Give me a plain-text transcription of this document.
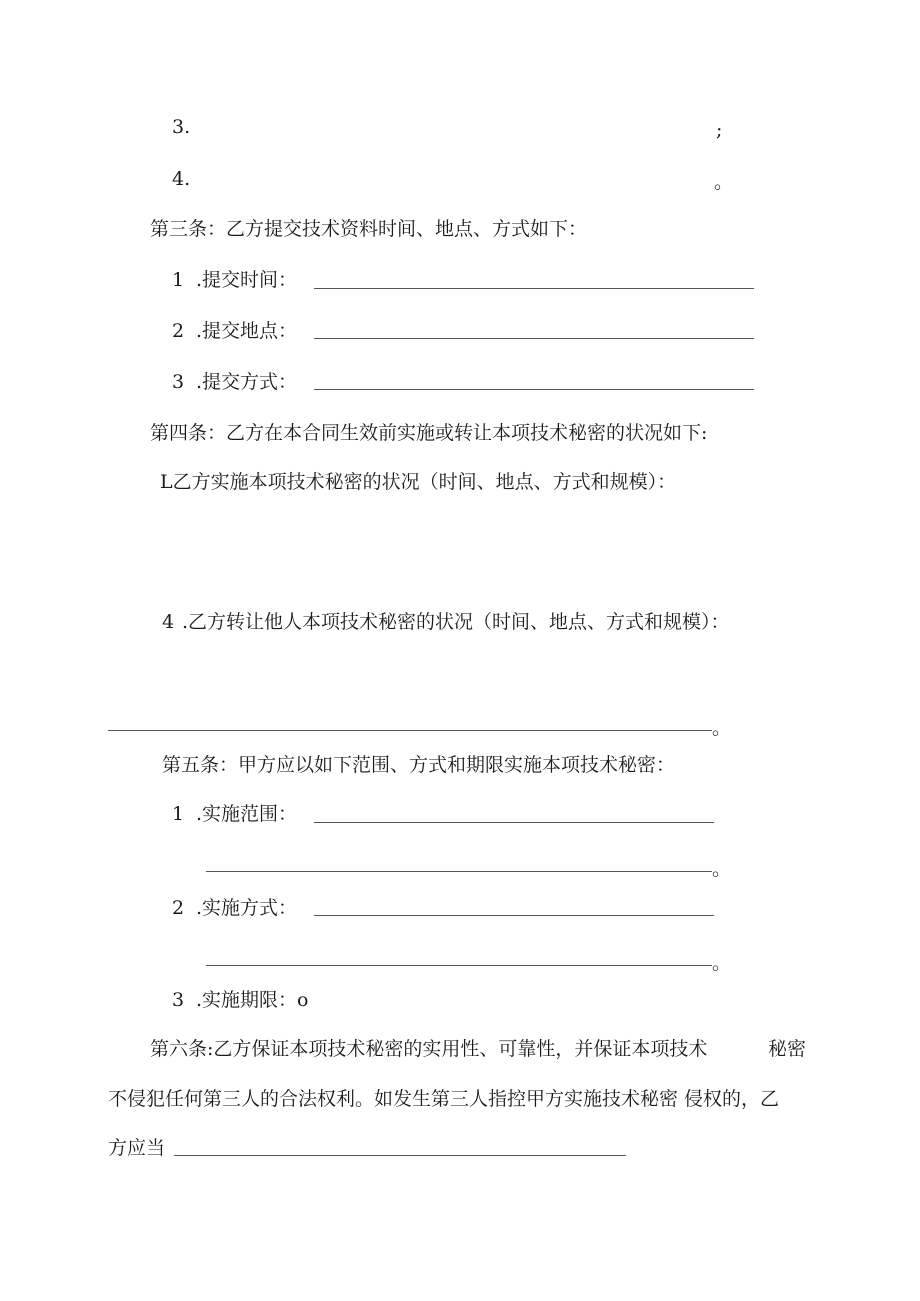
3.	;
4.	。
第三条：乙方提交技术资料时间、地点、方式如下：
1 .提交时间：
2 .提交地点：
3 .提交方式：
第四条：乙方在本合同生效前实施或转让本项技术秘密的状况如下:
L乙方实施本项技术秘密的状况（时间、地点、方式和规模）：
4 .乙方转让他人本项技术秘密的状况（时间、地点、方式和规模）：
。
第五条：甲方应以如下范围、方式和期限实施本项技术秘密：
1 .实施范围：
。
2 .实施方式：
。
3 .实施期限：o
第六条:乙方保证本项技术秘密的实用性、可靠性，并保证本项技术	秘密
不侵犯任何第三人的合法权利。如发生第三人指控甲方实施技术秘密 侵权的，乙
方应当
